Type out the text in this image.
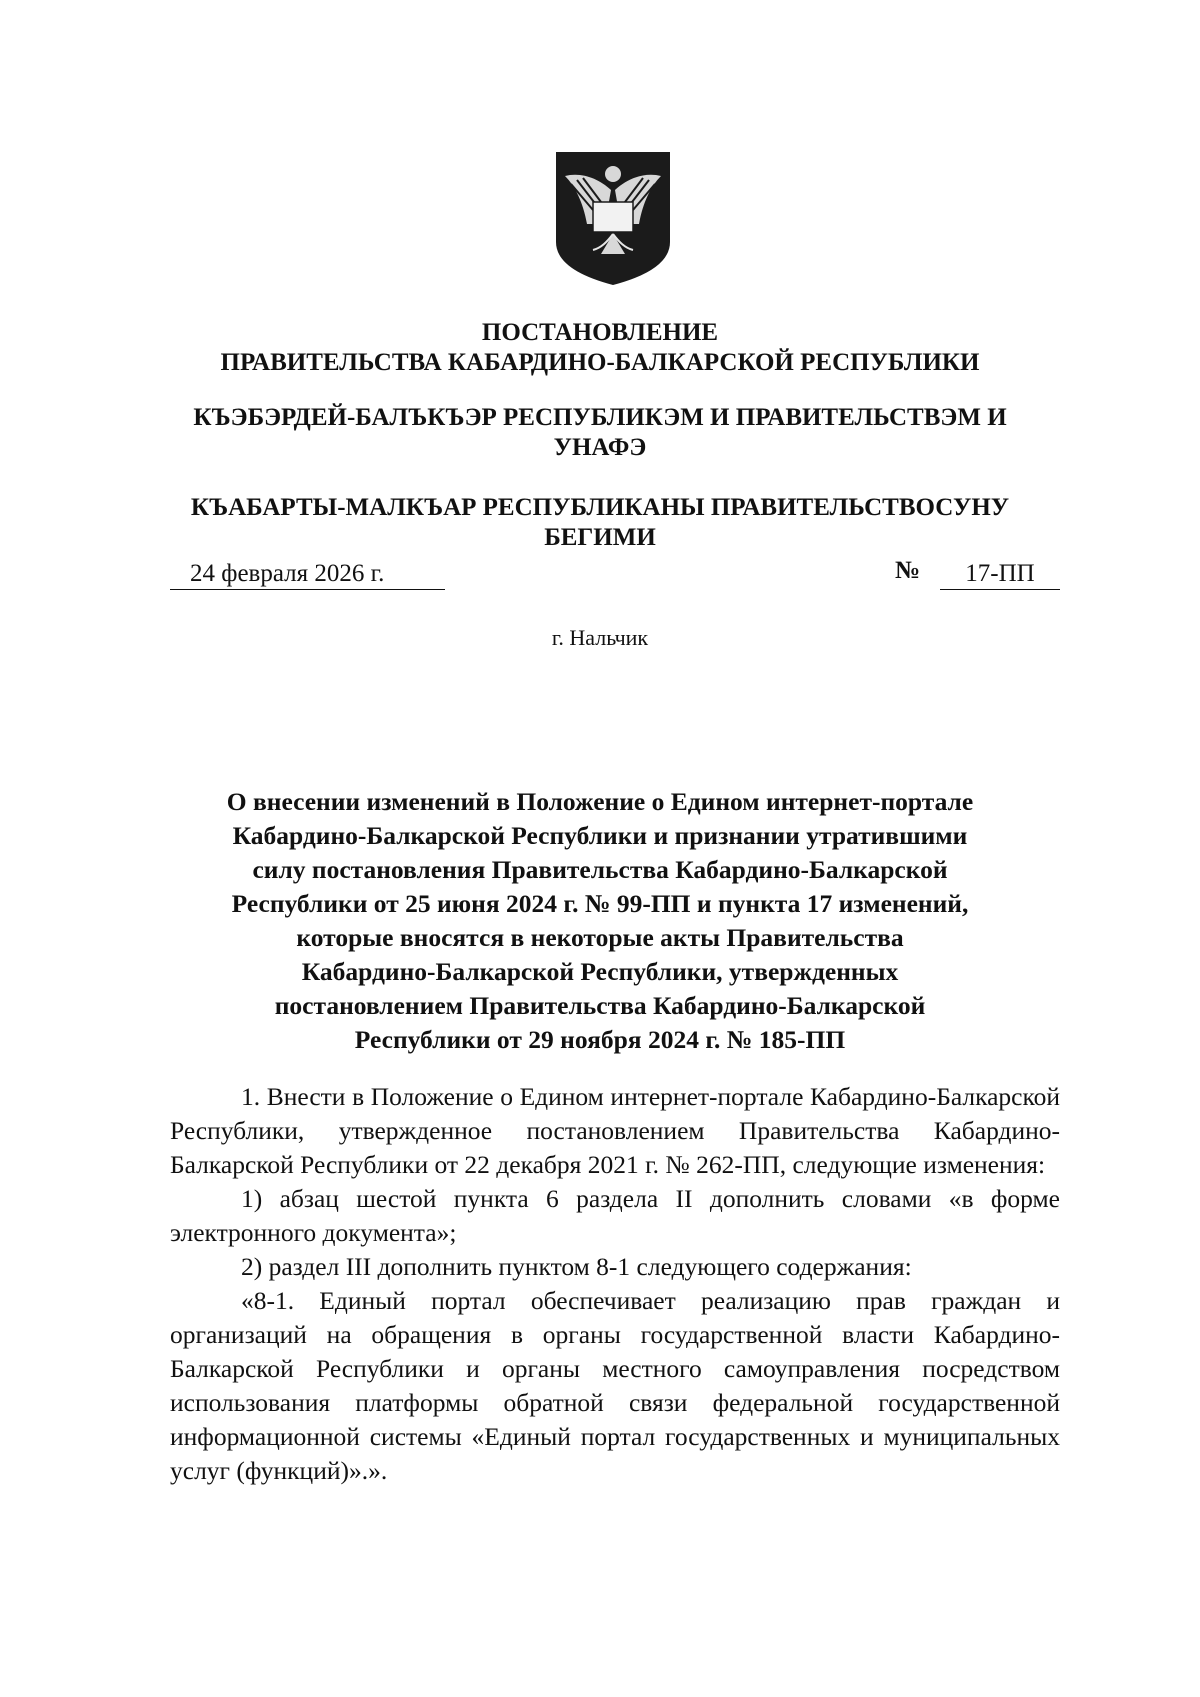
ПОСТАНОВЛЕНИЕ
ПРАВИТЕЛЬСТВА КАБАРДИНО-БАЛКАРСКОЙ РЕСПУБЛИКИ
КЪЭБЭРДЕЙ-БАЛЪКЪЭР РЕСПУБЛИКЭМ И ПРАВИТЕЛЬСТВЭМ И
УНАФЭ
КЪАБАРТЫ-МАЛКЪАР РЕСПУБЛИКАНЫ ПРАВИТЕЛЬСТВОСУНУ
БЕГИМИ
24 февраля 2026 г.	№	17-ПП
г. Нальчик
О внесении изменений в Положение о Едином интернет-портале
Кабардино-Балкарской Республики и признании утратившими
силу постановления Правительства Кабардино-Балкарской
Республики от 25 июня 2024 г. № 99-ПП и пункта 17 изменений,
которые вносятся в некоторые акты Правительства
Кабардино-Балкарской Республики, утвержденных
постановлением Правительства Кабардино-Балкарской
Республики от 29 ноября 2024 г. № 185-ПП

1. Внести в Положение о Едином интернет-портале Кабардино-Балкарской Республики, утвержденное постановлением Правительства Кабардино-Балкарской Республики от 22 декабря 2021 г. № 262-ПП, следующие изменения:

1) абзац шестой пункта 6 раздела II дополнить словами «в форме электронного документа»;

2) раздел III дополнить пунктом 8-1 следующего содержания:

«8-1. Единый портал обеспечивает реализацию прав граждан и организаций на обращения в органы государственной власти Кабардино-Балкарской Республики и органы местного самоуправления посредством использования платформы обратной связи федеральной государственной информационной системы «Единый портал государственных и муниципальных услуг (функций)».».
